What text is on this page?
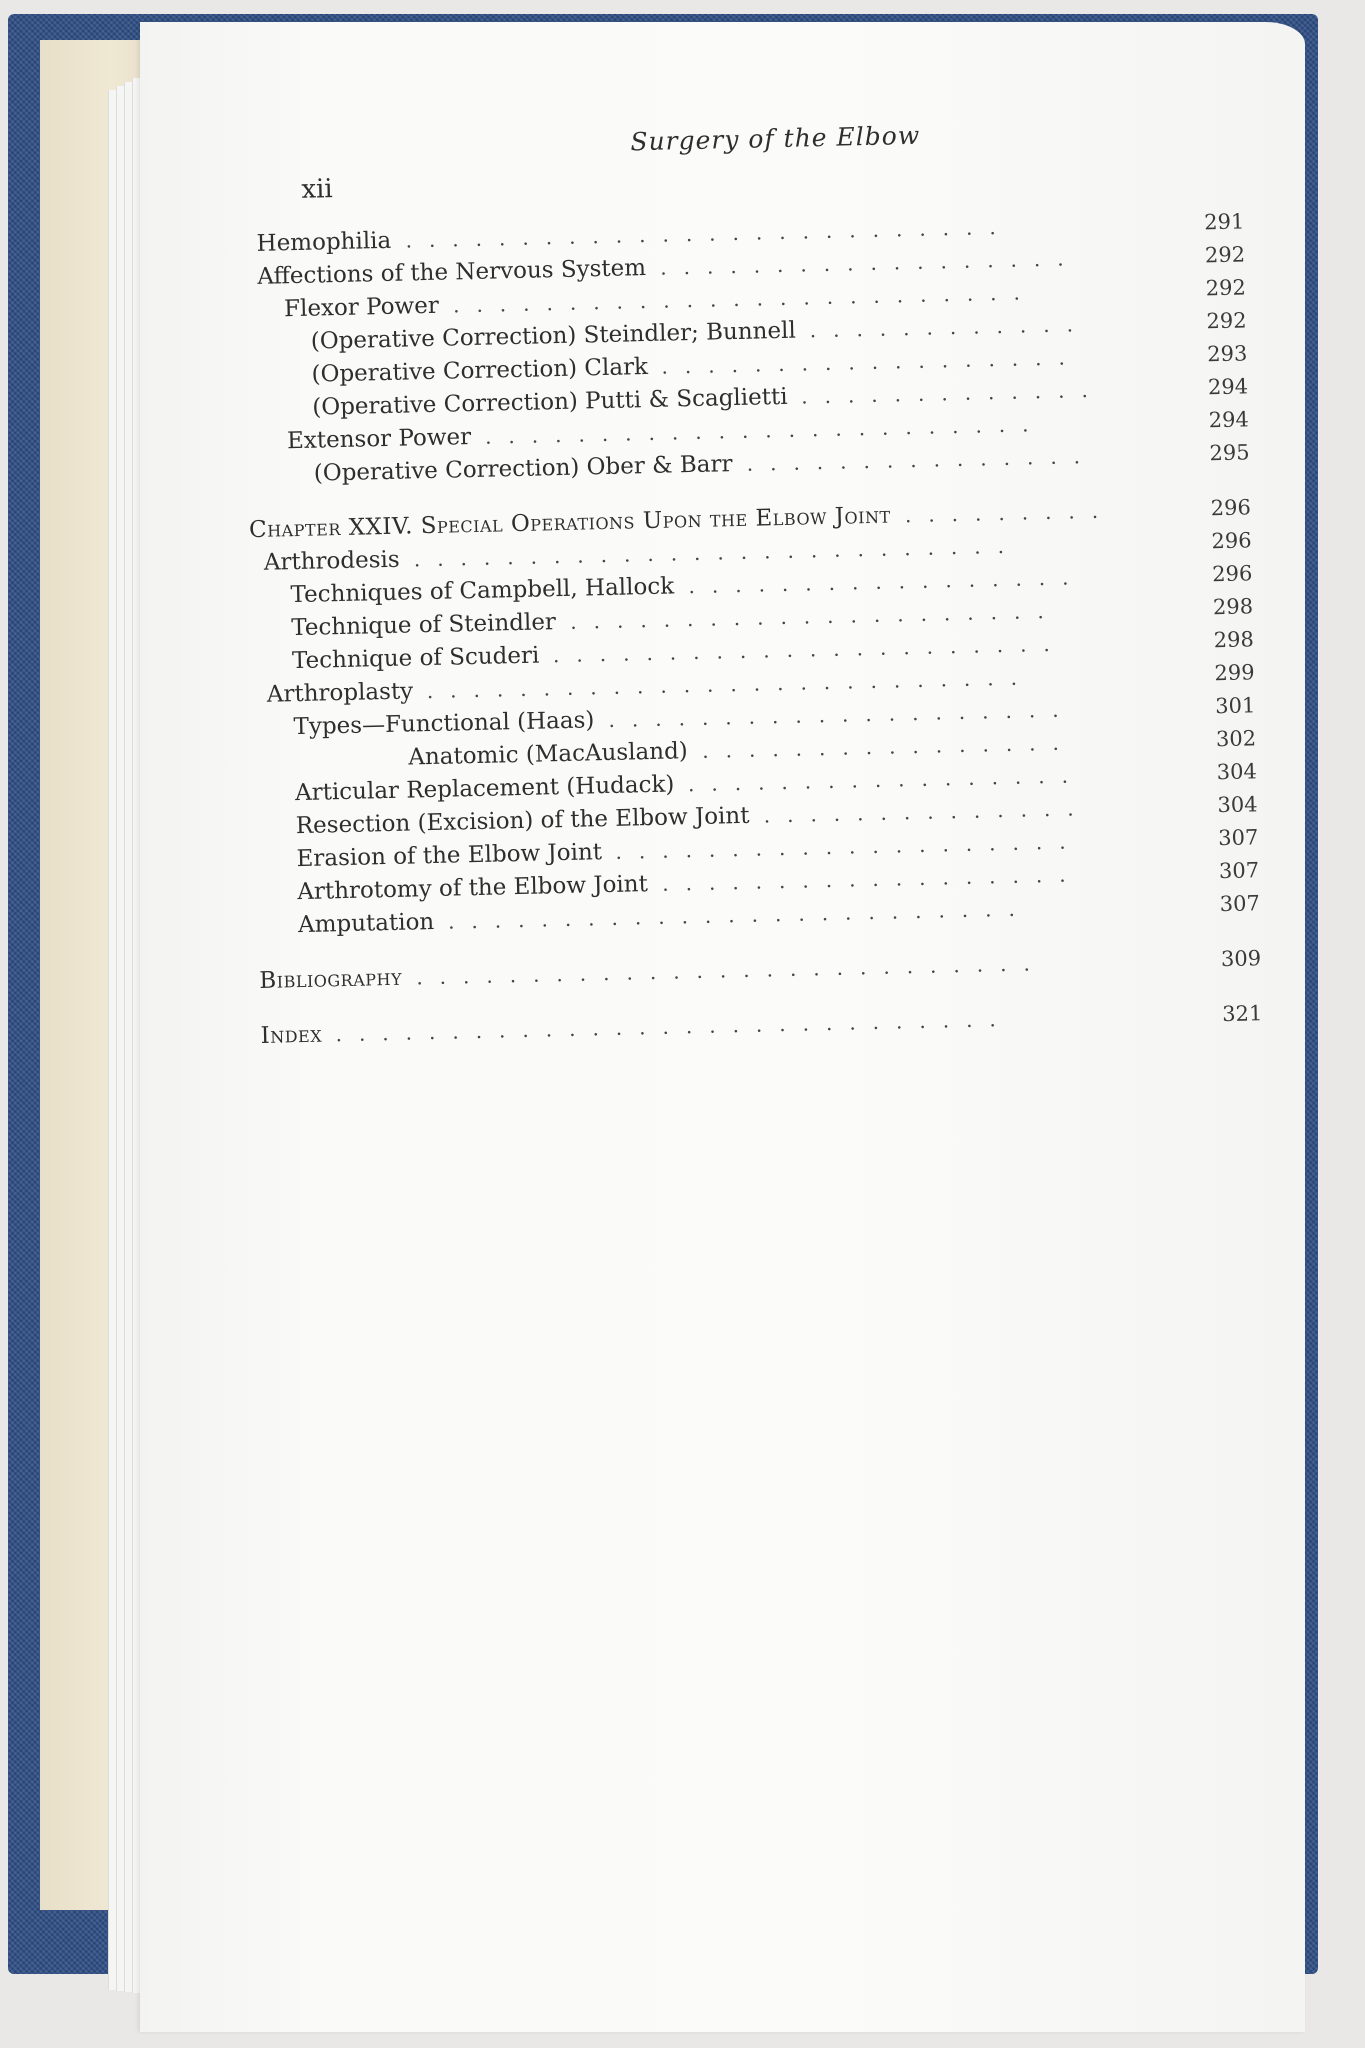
Surgery of the Elbow
xii
Hemophilia ..........................	291
Affections of the Nervous System ..................	292
Flexor Power .........................	292
(Operative Correction) Steindler; Bunnell ............	292
(Operative Correction) Clark ..................	293
(Operative Correction) Putti & Scaglietti .............	294
Extensor Power ........................	294
(Operative Correction) Ober & Barr ...............	295
Chapter XXIV. Special Operations Upon the Elbow Joint .........	296
Arthrodesis ..........................	296
Techniques of Campbell, Hallock .................	296
Technique of Steindler .....................	298
Technique of Scuderi ......................	298
Arthroplasty ..........................	299
Types—Functional (Haas) ....................	301
Anatomic (MacAusland) ................	302
Articular Replacement (Hudack) .................	304
Resection (Excision) of the Elbow Joint ..............	304
Erasion of the Elbow Joint ....................	307
Arthrotomy of the Elbow Joint ..................	307
Amputation .........................	307
Bibliography ...........................	309
Index .............................	321
